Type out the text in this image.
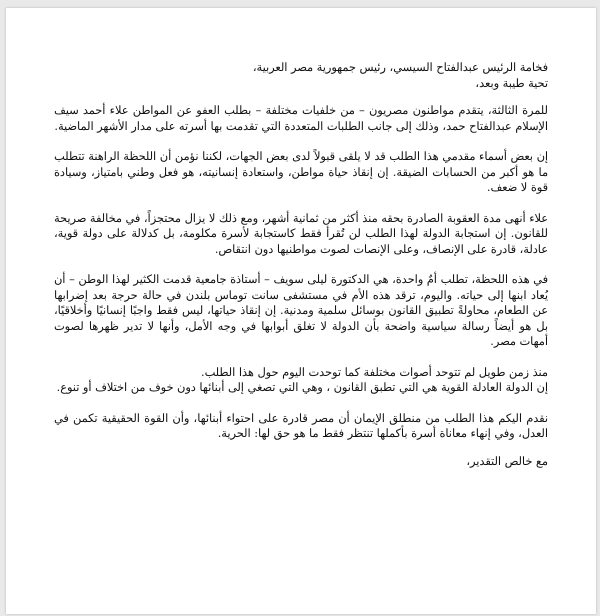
فخامة الرئيس عبدالفتاح السيسي، رئيس جمهورية مصر العربية،

تحية طيبة وبعد،

للمرة الثالثة، يتقدم مواطنون مصريون – من خلفيات مختلفة – بطلب العفو عن المواطن علاء أحمد سيف الإسلام عبدالفتاح حمد، وذلك إلى جانب الطلبات المتعددة التي تقدمت بها أسرته على مدار الأشهر الماضية.

إن بعض أسماء مقدمي هذا الطلب قد لا يلقى قبولاً لدى بعض الجهات، لكننا نؤمن أن اللحظة الراهنة تتطلب ما هو أكبر من الحسابات الضيقة. إن إنقاذ حياة مواطن، واستعادة إنسانيته، هو فعل وطني بامتياز، وسيادة قوة لا ضعف.

علاء أنهى مدة العقوبة الصادرة بحقه منذ أكثر من ثمانية أشهر، ومع ذلك لا يزال محتجزاً، في مخالفة صريحة للقانون. إن استجابة الدولة لهذا الطلب لن تُقرأ فقط كاستجابة لأسرة مكلومة، بل كدلالة على دولة قوية، عادلة، قادرة على الإنصاف، وعلى الإنصات لصوت مواطنيها دون انتقاص.

في هذه اللحظة، تطلب أمٌ واحدة، هي الدكتورة ليلى سويف – أستاذة جامعية قدمت الكثير لهذا الوطن – أن يُعاد ابنها إلى حياته. واليوم، ترقد هذه الأم في مستشفى سانت توماس بلندن في حالة حرجة بعد إضرابها عن الطعام، محاولةً تطبيق القانون بوسائل سلمية ومدنية. إن إنقاذ حياتها، ليس فقط واجبًا إنسانيًا وأخلاقيًا، بل هو أيضاً رسالة سياسية واضحة بأن الدولة لا تغلق أبوابها في وجه الأمل، وأنها لا تدير ظهرها لصوت أمهات مصر.

منذ زمن طويل لم تتوحد أصوات مختلفة كما توحدت اليوم حول هذا الطلب.

إن الدولة العادلة القوية هي التي تطبق القانون ، وهي التي تصغي إلى أبنائها دون خوف من اختلاف أو تنوع.

نقدم اليكم هذا الطلب من منطلق الإيمان أن مصر قادرة على احتواء أبنائها، وأن القوة الحقيقية تكمن في العدل، وفي إنهاء معاناة أسرة بأكملها تنتظر فقط ما هو حق لها: الحرية.

مع خالص التقدير،
